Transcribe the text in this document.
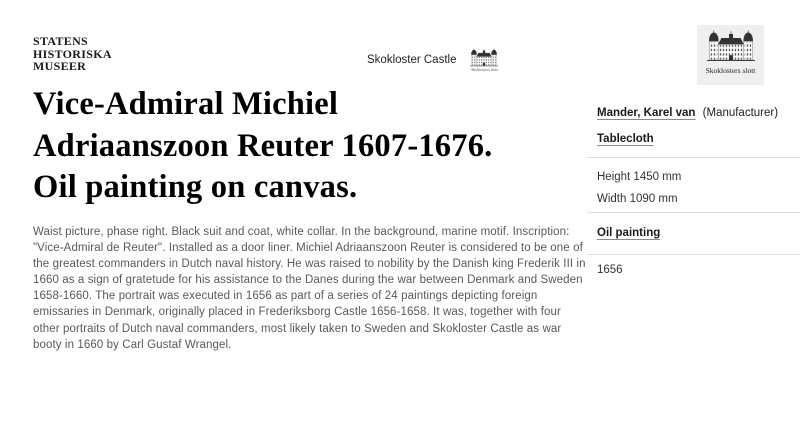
STATENS
HISTORISKA
MUSEER	Skokloster Castle
Skoklosters slott	Skoklosters slott
Vice-Admiral Michiel
Adriaanszoon Reuter 1607-1676.
Oil painting on canvas.

Waist picture, phase right. Black suit and coat, white collar. In the background, marine motif. Inscription: "Vice-Admiral de Reuter". Installed as a door liner. Michiel Adriaanszoon Reuter is considered to be one of the greatest commanders in Dutch naval history. He was raised to nobility by the Danish king Frederik III in 1660 as a sign of gratetude for his assistance to the Danes during the war between Denmark and Sweden 1658-1660. The portrait was executed in 1656 as part of a series of 24 paintings depicting foreign emissaries in Denmark, originally placed in Frederiksborg Castle 1656-1658. It was, together with four other portraits of Dutch naval commanders, most likely taken to Sweden and Skokloster Castle as war booty in 1660 by Carl Gustaf Wrangel.

Mander, Karel van (Manufacturer)
Tablecloth
Height 1450 mm
Width 1090 mm
Oil painting
1656
